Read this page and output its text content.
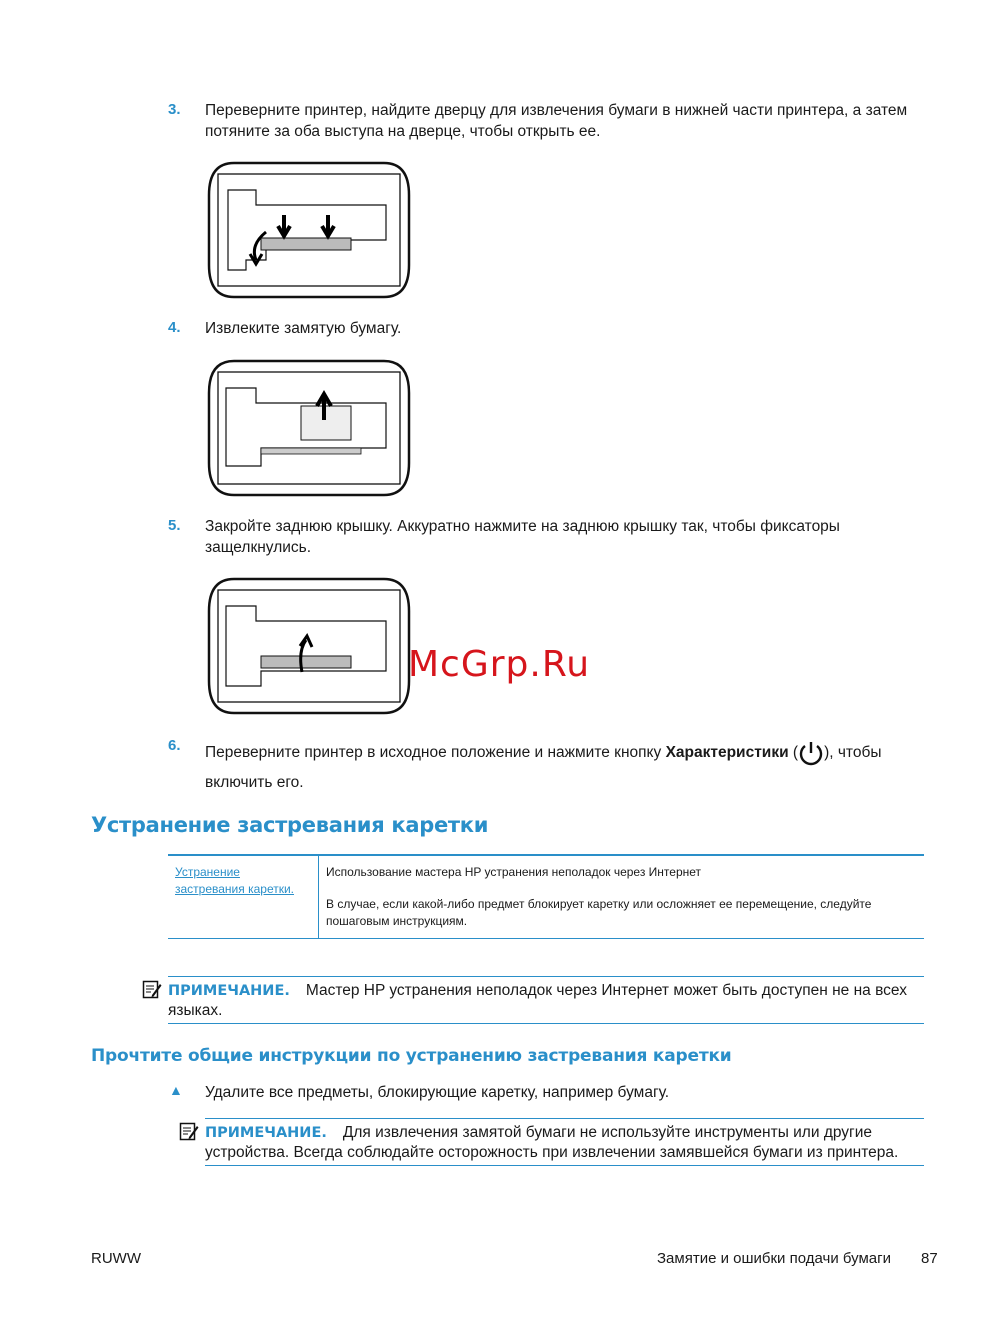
3. Переверните принтер, найдите дверцу для извлечения бумаги в нижней части принтера, а затем потяните за оба выступа на дверце, чтобы открыть ее.
4. Извлеките замятую бумагу.
5. Закройте заднюю крышку. Аккуратно нажмите на заднюю крышку так, чтобы фиксаторы защелкнулись.
McGrp.Ru
6. Переверните принтер в исходное положение и нажмите кнопку Характеристики ( ), чтобы включить его.
Устранение застревания каретки
Устранение застревания каретки.
Использование мастера HP устранения неполадок через Интернет
В случае, если какой-либо предмет блокирует каретку или осложняет ее перемещение, следуйте пошаговым инструкциям.
ПРИМЕЧАНИЕ. Мастер HP устранения неполадок через Интернет может быть доступен не на всех языках.
Прочтите общие инструкции по устранению застревания каретки
▲ Удалите все предметы, блокирующие каретку, например бумагу.
ПРИМЕЧАНИЕ. Для извлечения замятой бумаги не используйте инструменты или другие устройства. Всегда соблюдайте осторожность при извлечении замявшейся бумаги из принтера.
RUWW	Замятие и ошибки подачи бумаги 87
